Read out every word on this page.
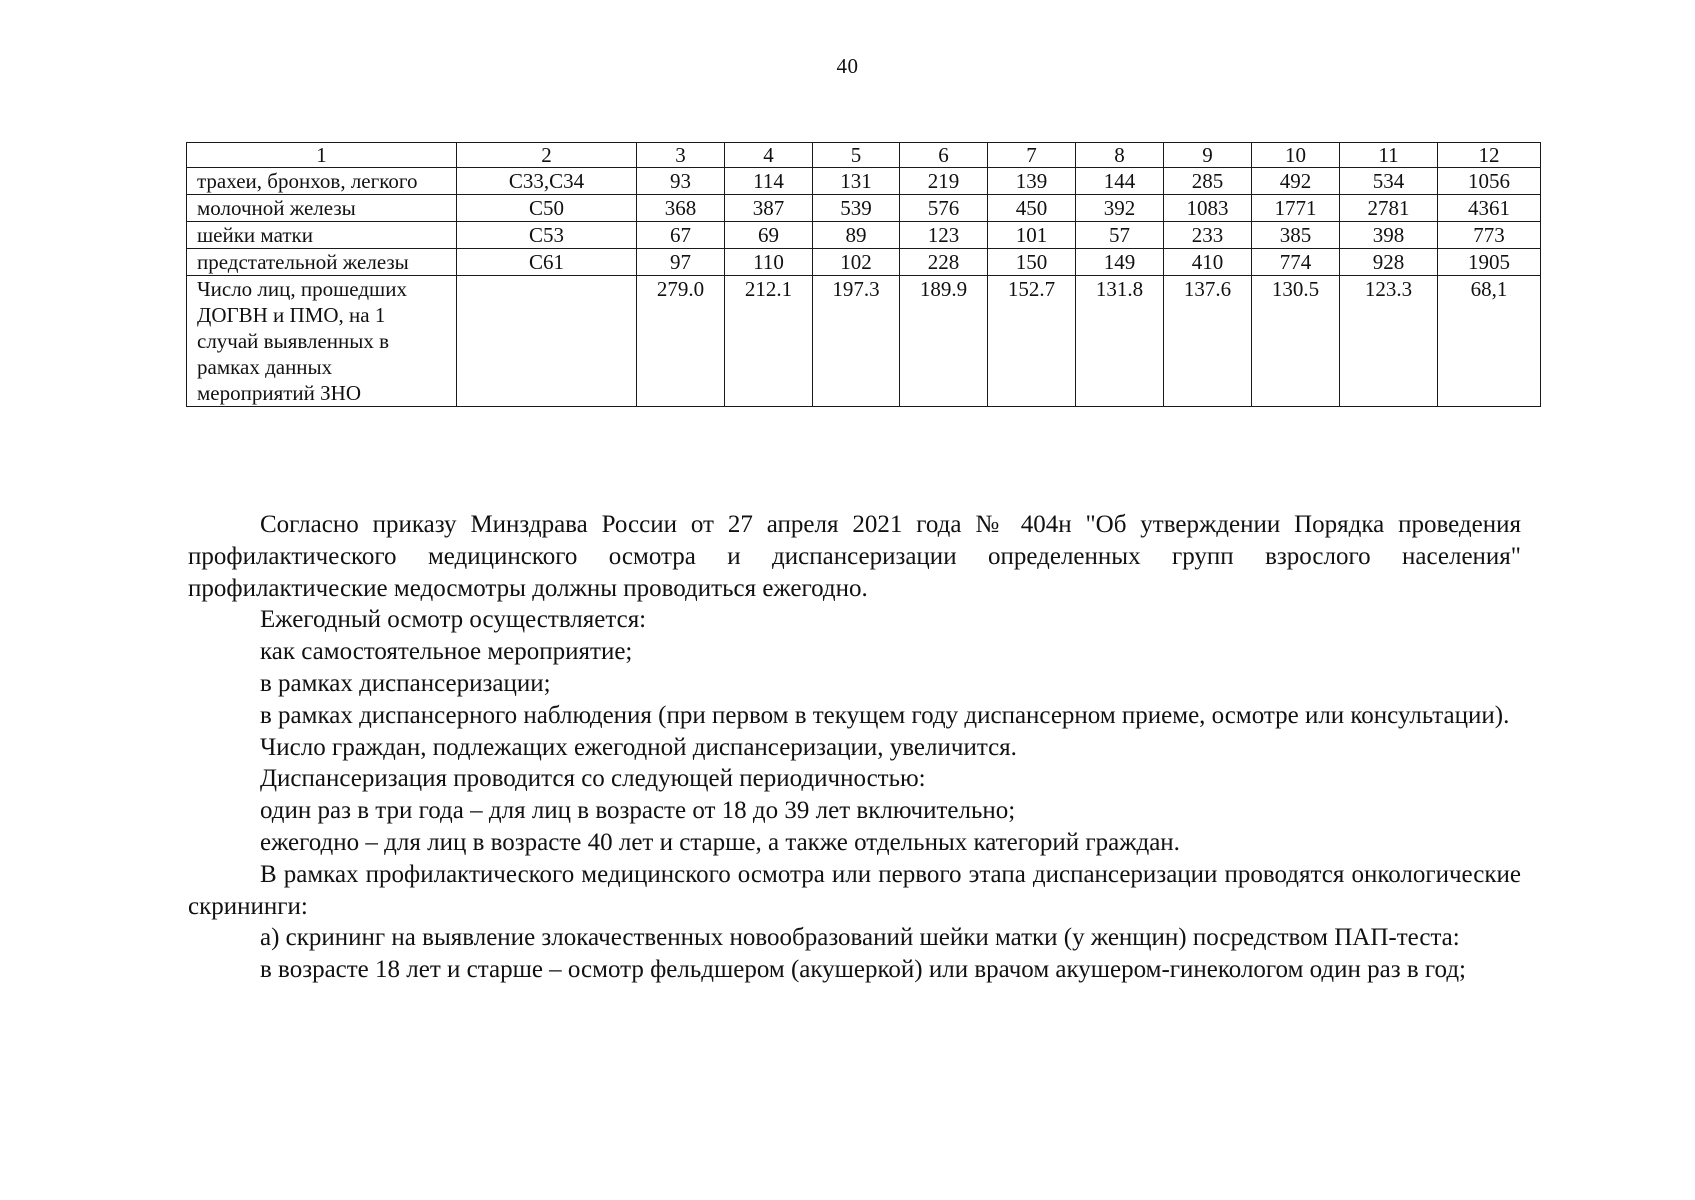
40
1	2	3	4	5	6	7	8	9	10	11	12
трахеи, бронхов, легкого	С33,С34	93	114	131	219	139	144	285	492	534	1056
молочной железы	С50	368	387	539	576	450	392	1083	1771	2781	4361
шейки матки	С53	67	69	89	123	101	57	233	385	398	773
предстательной железы	С61	97	110	102	228	150	149	410	774	928	1905
Число лиц, прошедших ДОГВН и ПМО, на 1 случай выявленных в рамках данных мероприятий ЗНО		279.0	212.1	197.3	189.9	152.7	131.8	137.6	130.5	123.3	68,1

Согласно приказу Минздрава России от 27 апреля 2021 года № 404н "Об утверждении Порядка проведения профилактического медицинского осмотра и диспансеризации определенных групп взрослого населения" профилактические медосмотры должны проводиться ежегодно.

Ежегодный осмотр осуществляется:

как самостоятельное мероприятие;

в рамках диспансеризации;

в рамках диспансерного наблюдения (при первом в текущем году диспансерном приеме, осмотре или консультации).

Число граждан, подлежащих ежегодной диспансеризации, увеличится.

Диспансеризация проводится со следующей периодичностью:

один раз в три года – для лиц в возрасте от 18 до 39 лет включительно;

ежегодно – для лиц в возрасте 40 лет и старше, а также отдельных категорий граждан.

В рамках профилактического медицинского осмотра или первого этапа диспансеризации проводятся онкологические скрининги:

а) скрининг на выявление злокачественных новообразований шейки матки (у женщин) посредством ПАП-теста:

в возрасте 18 лет и старше – осмотр фельдшером (акушеркой) или врачом акушером-гинекологом один раз в год;
